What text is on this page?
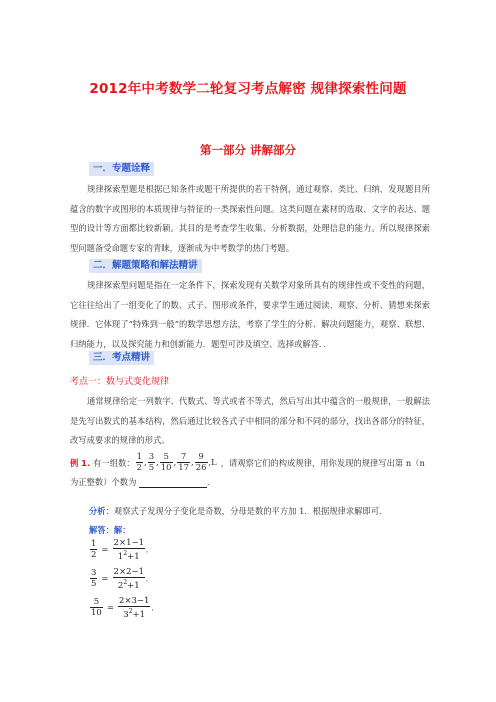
2012年中考数学二轮复习考点解密 规律探索性问题
第一部分 讲解部分
一．专题诠释

规律探索型题是根据已知条件或题干所提供的若干特例，通过观察、类比、归纳，发现题目所蕴含的数字或图形的本质规律与特征的一类探索性问题。这类问题在素材的选取、文字的表达、题型的设计等方面都比较新颖。其目的是考查学生收集、分析数据，处理信息的能力。所以规律探索型问题备受命题专家的青睐，逐渐成为中考数学的热门考题。

二．解题策略和解法精讲

规律探索型问题是指在一定条件下，探索发现有关数学对象所具有的规律性或不变性的问题，它往往给出了一组变化了的数、式子、图形或条件，要求学生通过阅读、观察、分析、猜想来探索规律．它体现了“特殊到一般”的数学思想方法，考察了学生的分析、解决问题能力，观察、联想、归纳能力，以及探究能力和创新能力．题型可涉及填空、选择或解答．．

三．考点精讲
考点一：数与式变化规律

通常规律给定一列数字、代数式、等式或者不等式，然后写出其中蕴含的一般规律，一般解法是先写出数式的基本结构，然后通过比较各式子中相同的部分和不同的部分，找出各部分的特征，改写成要求的规律的形式。

例 1. 有一组数： $\frac{1}{2}$ , $\frac{3}{5}$ , $\frac{5}{10}$ , $\frac{7}{17}$ , $\frac{9}{26} ,L$ ，请观察它们的构成规律，用你发现的规律写出第 n（n
为正整数）个数为	．
分析：观察式子发现分子变化是奇数，分母是数的平方加 1．根据规律求解即可．
解答：解：
$\frac{1}{2} = \frac{2\times 1-1}{1^2+1}$ ，
$\frac{3}{5} = \frac{2\times 2-1}{2^2+1}$ ，
$\frac{5}{10} = \frac{2\times 3-1}{3^2+1}$ ，
